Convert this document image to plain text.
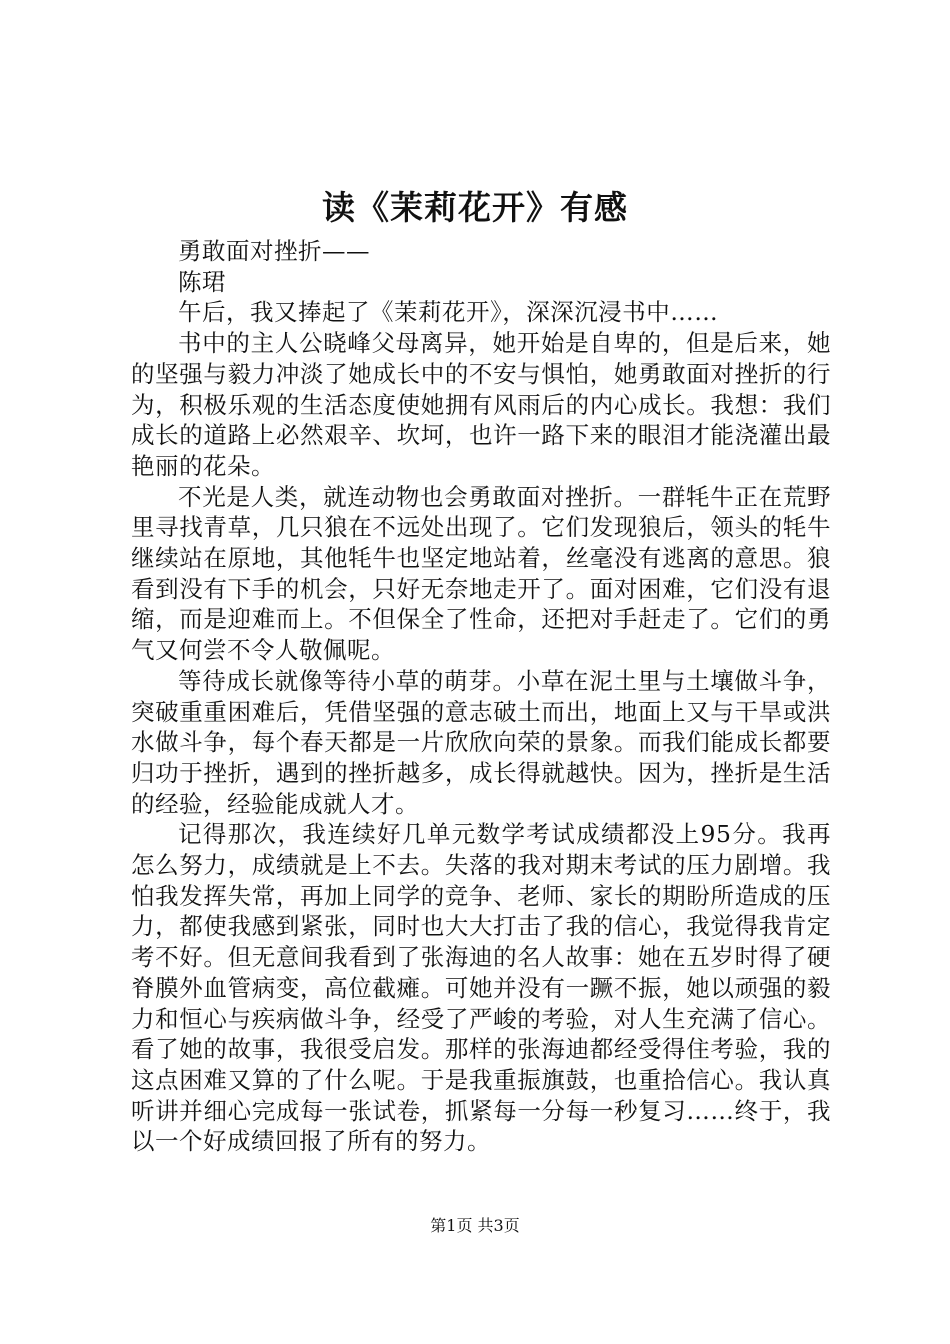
读《茉莉花开》有感

勇敢面对挫折——

陈珺

午后，我又捧起了《茉莉花开》，深深沉浸书中……

书中的主人公晓峰父母离异，她开始是自卑的，但是后来，她的坚强与毅力冲淡了她成长中的不安与惧怕，她勇敢面对挫折的行为，积极乐观的生活态度使她拥有风雨后的内心成长。我想：我们成长的道路上必然艰辛、坎坷，也许一路下来的眼泪才能浇灌出最艳丽的花朵。

不光是人类，就连动物也会勇敢面对挫折。一群牦牛正在荒野里寻找青草，几只狼在不远处出现了。它们发现狼后，领头的牦牛继续站在原地，其他牦牛也坚定地站着，丝毫没有逃离的意思。狼看到没有下手的机会，只好无奈地走开了。面对困难，它们没有退缩，而是迎难而上。不但保全了性命，还把对手赶走了。它们的勇气又何尝不令人敬佩呢。

等待成长就像等待小草的萌芽。小草在泥土里与土壤做斗争，突破重重困难后，凭借坚强的意志破土而出，地面上又与干旱或洪水做斗争，每个春天都是一片欣欣向荣的景象。而我们能成长都要归功于挫折，遇到的挫折越多，成长得就越快。因为，挫折是生活的经验，经验能成就人才。

记得那次，我连续好几单元数学考试成绩都没上95分。我再怎么努力，成绩就是上不去。失落的我对期末考试的压力剧增。我怕我发挥失常，再加上同学的竞争、老师、家长的期盼所造成的压力，都使我感到紧张，同时也大大打击了我的信心，我觉得我肯定考不好。但无意间我看到了张海迪的名人故事：她在五岁时得了硬脊膜外血管病变，高位截瘫。可她并没有一蹶不振，她以顽强的毅力和恒心与疾病做斗争，经受了严峻的考验，对人生充满了信心。看了她的故事，我很受启发。那样的张海迪都经受得住考验，我的这点困难又算的了什么呢。于是我重振旗鼓，也重拾信心。我认真听讲并细心完成每一张试卷，抓紧每一分每一秒复习……终于，我以一个好成绩回报了所有的努力。

第1页 共3页
